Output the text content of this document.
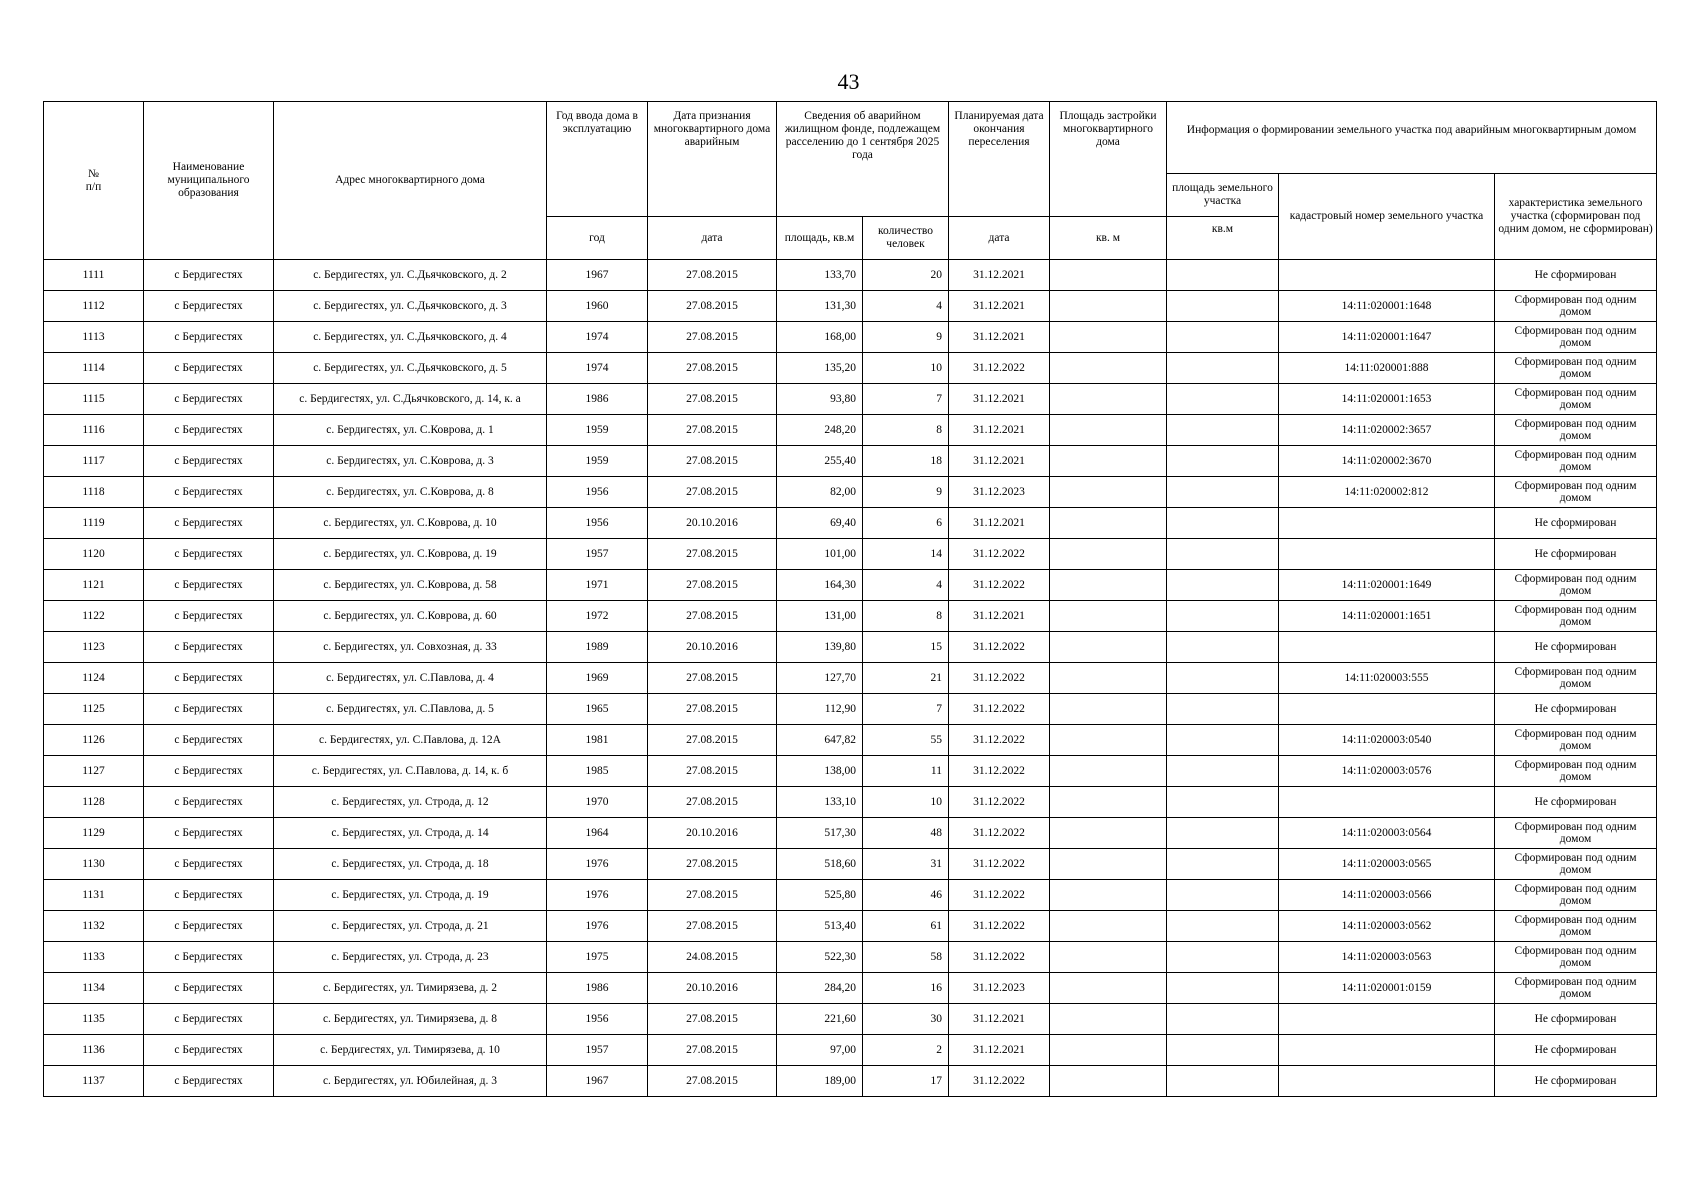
43
№
п/п	Наименование муниципального образования	Адрес многоквартирного дома	Год ввода дома в эксплуатацию	Дата признания многоквартирного дома аварийным	Сведения об аварийном жилищном фонде, подлежащем расселению до 1 сентября 2025 года		Планируемая дата окончания переселения	Площадь застройки многоквартирного дома	Информация о формировании земельного участка под аварийным многоквартирным домом		
									площадь земельного участка	кадастровый номер земельного участка	характеристика земельного участка (сформирован под одним домом, не сформирован)
			год	дата	площадь, кв.м	количество человек	дата	кв. м	кв.м		
1111	с Бердигестях	с. Бердигестях, ул. С.Дьячковского, д. 2	1967	27.08.2015	133,70	20	31.12.2021				Не сформирован
1112	с Бердигестях	с. Бердигестях, ул. С.Дьячковского, д. 3	1960	27.08.2015	131,30	4	31.12.2021			14:11:020001:1648	Сформирован под одним домом
1113	с Бердигестях	с. Бердигестях, ул. С.Дьячковского, д. 4	1974	27.08.2015	168,00	9	31.12.2021			14:11:020001:1647	Сформирован под одним домом
1114	с Бердигестях	с. Бердигестях, ул. С.Дьячковского, д. 5	1974	27.08.2015	135,20	10	31.12.2022			14:11:020001:888	Сформирован под одним домом
1115	с Бердигестях	с. Бердигестях, ул. С.Дьячковского, д. 14, к. а	1986	27.08.2015	93,80	7	31.12.2021			14:11:020001:1653	Сформирован под одним домом
1116	с Бердигестях	с. Бердигестях, ул. С.Коврова, д. 1	1959	27.08.2015	248,20	8	31.12.2021			14:11:020002:3657	Сформирован под одним домом
1117	с Бердигестях	с. Бердигестях, ул. С.Коврова, д. 3	1959	27.08.2015	255,40	18	31.12.2021			14:11:020002:3670	Сформирован под одним домом
1118	с Бердигестях	с. Бердигестях, ул. С.Коврова, д. 8	1956	27.08.2015	82,00	9	31.12.2023			14:11:020002:812	Сформирован под одним домом
1119	с Бердигестях	с. Бердигестях, ул. С.Коврова, д. 10	1956	20.10.2016	69,40	6	31.12.2021				Не сформирован
1120	с Бердигестях	с. Бердигестях, ул. С.Коврова, д. 19	1957	27.08.2015	101,00	14	31.12.2022				Не сформирован
1121	с Бердигестях	с. Бердигестях, ул. С.Коврова, д. 58	1971	27.08.2015	164,30	4	31.12.2022			14:11:020001:1649	Сформирован под одним домом
1122	с Бердигестях	с. Бердигестях, ул. С.Коврова, д. 60	1972	27.08.2015	131,00	8	31.12.2021			14:11:020001:1651	Сформирован под одним домом
1123	с Бердигестях	с. Бердигестях, ул. Совхозная, д. 33	1989	20.10.2016	139,80	15	31.12.2022				Не сформирован
1124	с Бердигестях	с. Бердигестях, ул. С.Павлова, д. 4	1969	27.08.2015	127,70	21	31.12.2022			14:11:020003:555	Сформирован под одним домом
1125	с Бердигестях	с. Бердигестях, ул. С.Павлова, д. 5	1965	27.08.2015	112,90	7	31.12.2022				Не сформирован
1126	с Бердигестях	с. Бердигестях, ул. С.Павлова, д. 12А	1981	27.08.2015	647,82	55	31.12.2022			14:11:020003:0540	Сформирован под одним домом
1127	с Бердигестях	с. Бердигестях, ул. С.Павлова, д. 14, к. б	1985	27.08.2015	138,00	11	31.12.2022			14:11:020003:0576	Сформирован под одним домом
1128	с Бердигестях	с. Бердигестях, ул. Строда, д. 12	1970	27.08.2015	133,10	10	31.12.2022				Не сформирован
1129	с Бердигестях	с. Бердигестях, ул. Строда, д. 14	1964	20.10.2016	517,30	48	31.12.2022			14:11:020003:0564	Сформирован под одним домом
1130	с Бердигестях	с. Бердигестях, ул. Строда, д. 18	1976	27.08.2015	518,60	31	31.12.2022			14:11:020003:0565	Сформирован под одним домом
1131	с Бердигестях	с. Бердигестях, ул. Строда, д. 19	1976	27.08.2015	525,80	46	31.12.2022			14:11:020003:0566	Сформирован под одним домом
1132	с Бердигестях	с. Бердигестях, ул. Строда, д. 21	1976	27.08.2015	513,40	61	31.12.2022			14:11:020003:0562	Сформирован под одним домом
1133	с Бердигестях	с. Бердигестях, ул. Строда, д. 23	1975	24.08.2015	522,30	58	31.12.2022			14:11:020003:0563	Сформирован под одним домом
1134	с Бердигестях	с. Бердигестях, ул. Тимирязева, д. 2	1986	20.10.2016	284,20	16	31.12.2023			14:11:020001:0159	Сформирован под одним домом
1135	с Бердигестях	с. Бердигестях, ул. Тимирязева, д. 8	1956	27.08.2015	221,60	30	31.12.2021				Не сформирован
1136	с Бердигестях	с. Бердигестях, ул. Тимирязева, д. 10	1957	27.08.2015	97,00	2	31.12.2021				Не сформирован
1137	с Бердигестях	с. Бердигестях, ул. Юбилейная, д. 3	1967	27.08.2015	189,00	17	31.12.2022				Не сформирован
